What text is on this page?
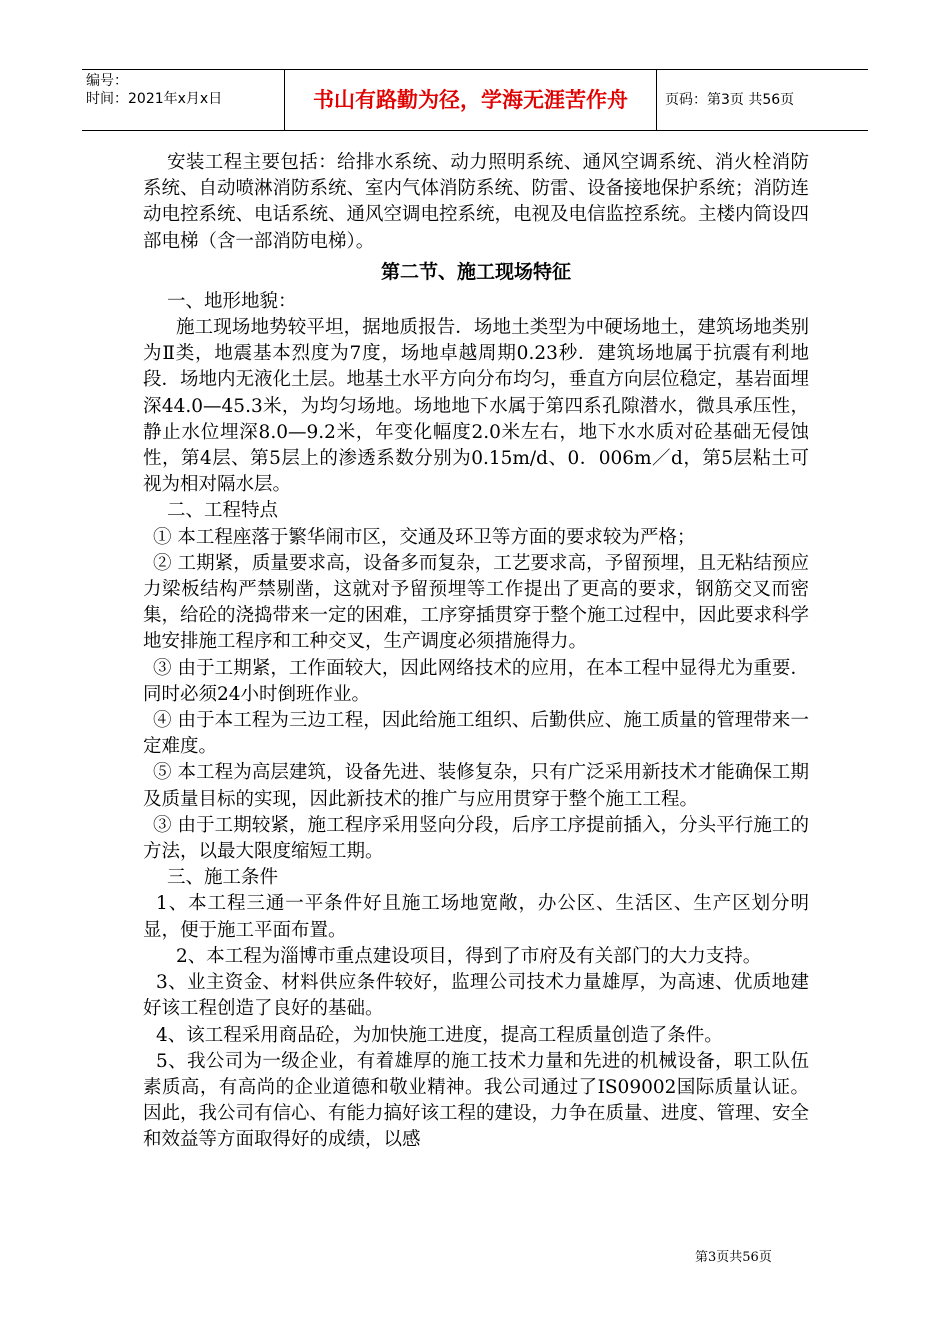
编号：
时间：2021年x月x日	书山有路勤为径，学海无涯苦作舟	页码：第3页 共56页

安装工程主要包括：给排水系统、动力照明系统、通风空调系统、消火栓消防系统、自动喷淋消防系统、室内气体消防系统、防雷、设备接地保护系统；消防连动电控系统、电话系统、通风空调电控系统，电视及电信监控系统。主楼内筒设四部电梯（含一部消防电梯）。

第二节、施工现场特征

一、地形地貌：

施工现场地势较平坦，据地质报告．场地土类型为中硬场地土，建筑场地类别为Ⅱ类，地震基本烈度为7度，场地卓越周期0.23秒．建筑场地属于抗震有利地段．场地内无液化土层。地基土水平方向分布均匀，垂直方向层位稳定，基岩面埋深44.0—45.3米，为均匀场地。场地地下水属于第四系孔隙潜水，微具承压性，静止水位埋深8.0—9.2米，年变化幅度2.0米左右，地下水水质对砼基础无侵蚀性，第4层、第5层上的渗透系数分别为0.15m/d、0．006m／d，第5层粘土可视为相对隔水层。

二、工程特点

① 本工程座落于繁华闹市区，交通及环卫等方面的要求较为严格；

② 工期紧，质量要求高，设备多而复杂，工艺要求高，予留预埋，且无粘结预应力梁板结构严禁剔凿，这就对予留预埋等工作提出了更高的要求，钢筋交叉而密集，给砼的浇捣带来一定的困难，工序穿插贯穿于整个施工过程中，因此要求科学地安排施工程序和工种交叉，生产调度必须措施得力。

③ 由于工期紧，工作面较大，因此网络技术的应用，在本工程中显得尤为重要．同时必须24小时倒班作业。

④ 由于本工程为三边工程，因此给施工组织、后勤供应、施工质量的管理带来一定难度。

⑤ 本工程为高层建筑，设备先进、装修复杂，只有广泛采用新技术才能确保工期及质量目标的实现，因此新技术的推广与应用贯穿于整个施工工程。

③ 由于工期较紧，施工程序采用竖向分段，后序工序提前插入，分头平行施工的方法，以最大限度缩短工期。

三、施工条件

1、本工程三通一平条件好且施工场地宽敞，办公区、生活区、生产区划分明显，便于施工平面布置。

2、本工程为淄博市重点建设项目，得到了市府及有关部门的大力支持。

3、业主资金、材料供应条件较好，监理公司技术力量雄厚，为高速、优质地建好该工程创造了良好的基础。

4、该工程采用商品砼，为加快施工进度，提高工程质量创造了条件。

5、我公司为一级企业，有着雄厚的施工技术力量和先进的机械设备，职工队伍素质高，有高尚的企业道德和敬业精神。我公司通过了IS09002国际质量认证。因此，我公司有信心、有能力搞好该工程的建设，力争在质量、进度、管理、安全和效益等方面取得好的成绩，以感

第3页共56页
